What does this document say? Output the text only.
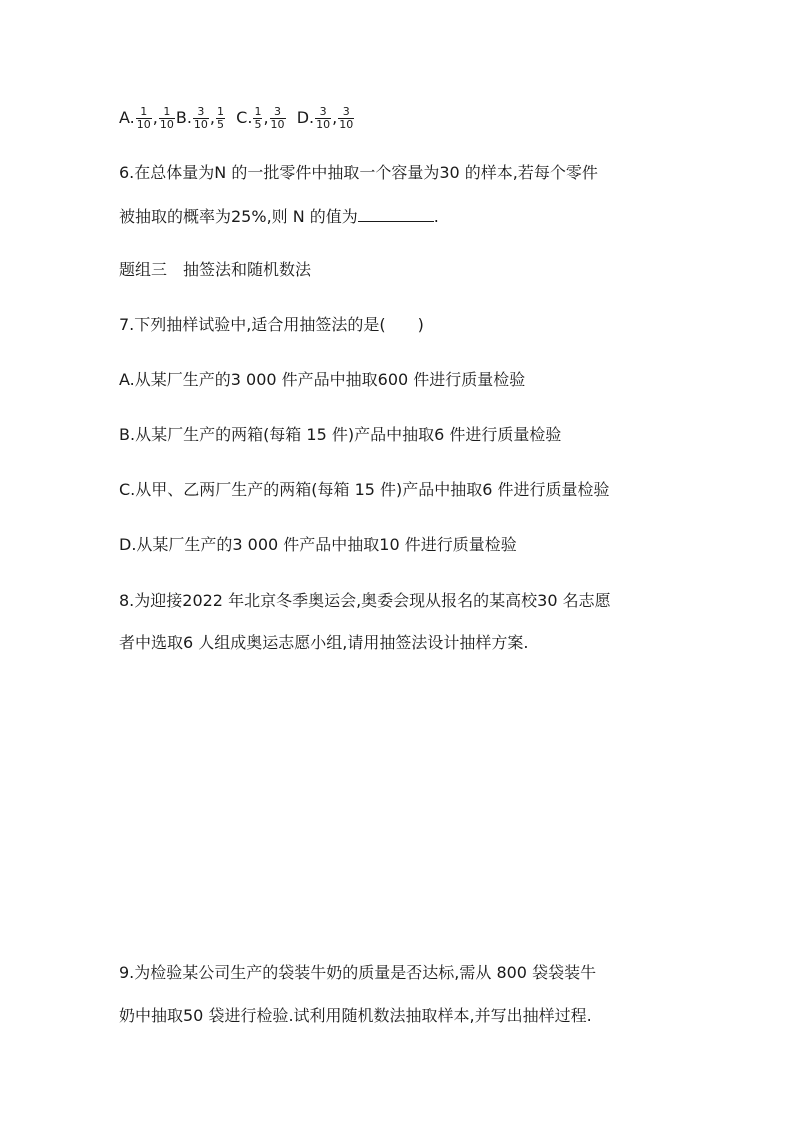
A. $\frac{1}{10}$ , $\frac{1}{10} B$. $\frac{3}{10}$ , $\frac{1}{5} C$. $\frac{1}{5}$ , $\frac{3}{10} D$. $\frac{3}{10}$ , $\frac{3}{10}$
6.在总体量为N 的一批零件中抽取一个容量为30 的样本,若每个零件
被抽取的概率为25%,则 N 的值为	.
题组三　抽签法和随机数法
7.下列抽样试验中,适合用抽签法的是(　　)
A.从某厂生产的3 000 件产品中抽取600 件进行质量检验
B.从某厂生产的两箱(每箱 15 件)产品中抽取6 件进行质量检验
C.从甲、乙两厂生产的两箱(每箱 15 件)产品中抽取6 件进行质量检验
D.从某厂生产的3 000 件产品中抽取10 件进行质量检验
8.为迎接2022 年北京冬季奥运会,奥委会现从报名的某高校30 名志愿
者中选取6 人组成奥运志愿小组,请用抽签法设计抽样方案.
9.为检验某公司生产的袋装牛奶的质量是否达标,需从 800 袋袋装牛
奶中抽取50 袋进行检验.试利用随机数法抽取样本,并写出抽样过程.
